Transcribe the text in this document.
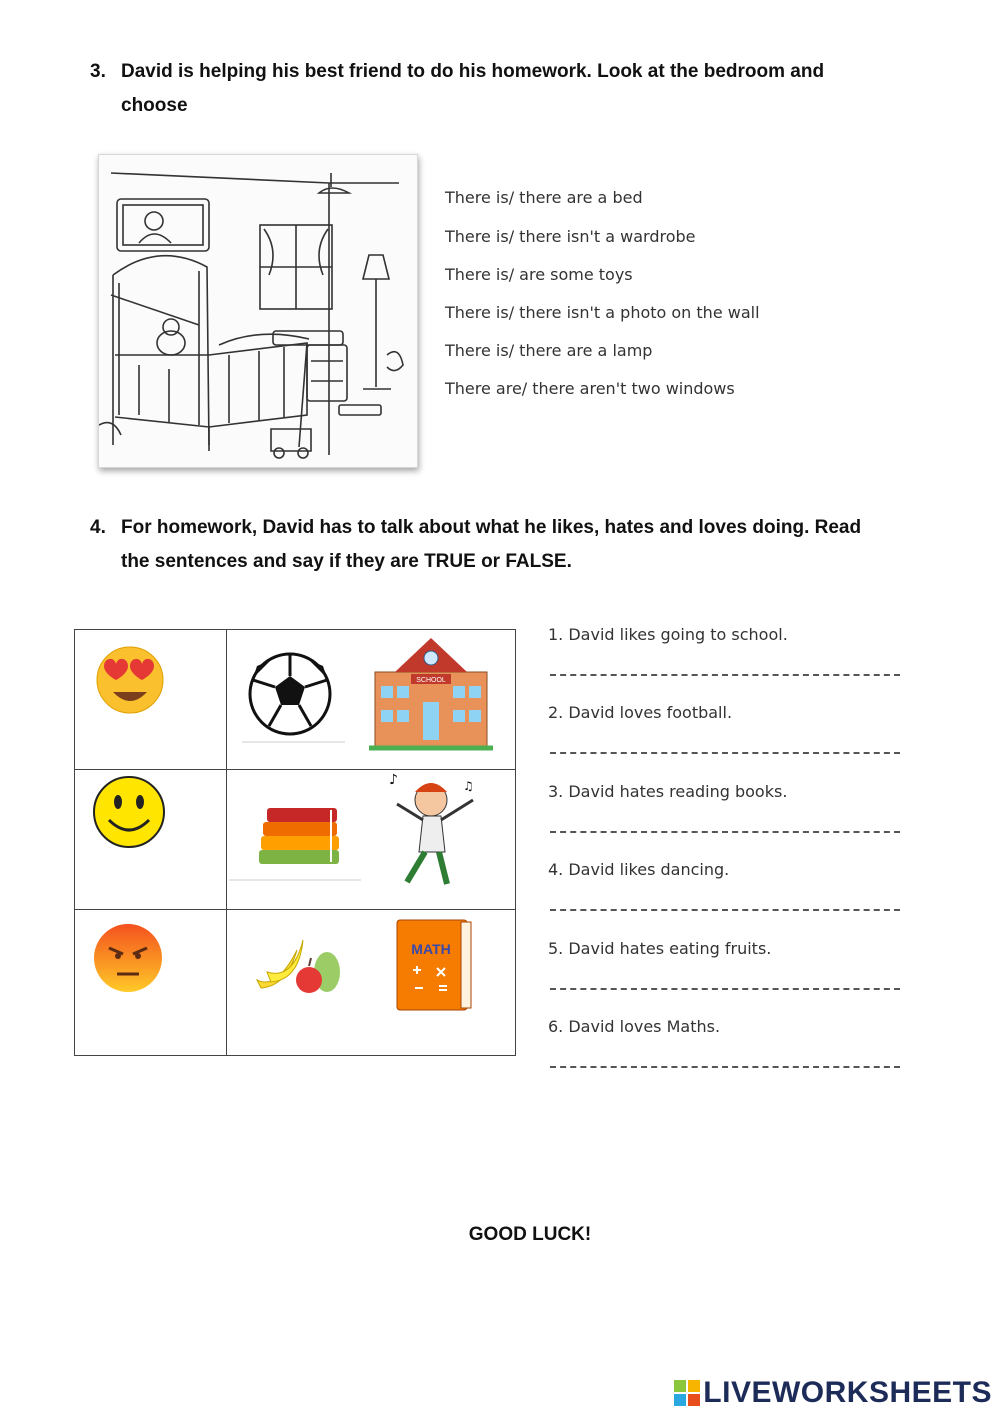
3. David is helping his best friend to do his homework. Look at the bedroom and
choose
There is/ there are a bed
There is/ there isn't a wardrobe
There is/ are some toys
There is/ there isn't a photo on the wall
There is/ there are a lamp
There are/ there aren't two windows
4. For homework, David has to talk about what he likes, hates and loves doing. Read
the sentences and say if they are TRUE or FALSE.

SCHOOL

♪ ♫

MATH
1. David likes going to school.
2. David loves football.
3. David hates reading books.
4. David likes dancing.
5. David hates eating fruits.
6. David loves Maths.
GOOD LUCK!
LIVEWORKSHEETS
